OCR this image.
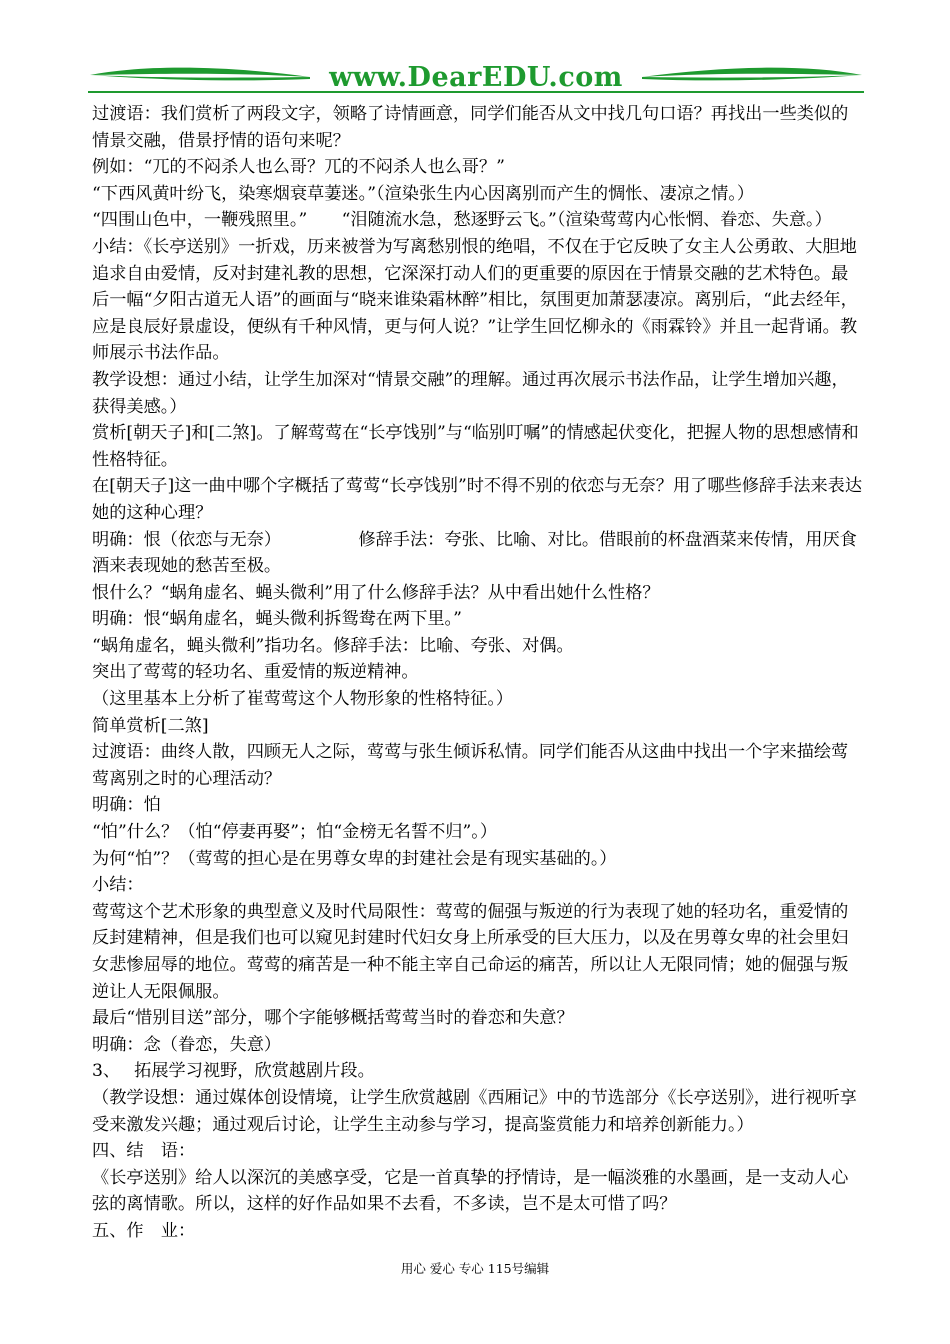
www.DearEDU.com

过渡语：我们赏析了两段文字，领略了诗情画意，同学们能否从文中找几句口语？再找出一些类似的情景交融，借景抒情的语句来呢？

例如：“兀的不闷杀人也么哥？兀的不闷杀人也么哥？”

“下西风黄叶纷飞，染寒烟衰草萋迷。”（渲染张生内心因离别而产生的惆怅、凄凉之情。）

“四围山色中，一鞭残照里。”　　“泪随流水急，愁逐野云飞。”（渲染莺莺内心怅惘、眷恋、失意。）

小结：《长亭送别》一折戏，历来被誉为写离愁别恨的绝唱，不仅在于它反映了女主人公勇敢、大胆地追求自由爱情，反对封建礼教的思想，它深深打动人们的更重要的原因在于情景交融的艺术特色。最后一幅“夕阳古道无人语”的画面与“晓来谁染霜林醉”相比，氛围更加萧瑟凄凉。离别后，“此去经年，应是良辰好景虚设，便纵有千种风情，更与何人说？”让学生回忆柳永的《雨霖铃》并且一起背诵。教师展示书法作品。

教学设想：通过小结，让学生加深对“情景交融”的理解。通过再次展示书法作品，让学生增加兴趣，获得美感。）

赏析[朝天子]和[二煞]。了解莺莺在“长亭饯别”与“临别叮嘱”的情感起伏变化，把握人物的思想感情和性格特征。

在[朝天子]这一曲中哪个字概括了莺莺“长亭饯别”时不得不别的依恋与无奈？用了哪些修辞手法来表达她的这种心理？

明确：恨（依恋与无奈）　　　　　修辞手法：夸张、比喻、对比。借眼前的杯盘酒菜来传情，用厌食酒来表现她的愁苦至极。

恨什么？“蜗角虚名、蝇头微利”用了什么修辞手法？从中看出她什么性格？

明确：恨“蜗角虚名，蝇头微利拆鸳鸯在两下里。”

“蜗角虚名，蝇头微利”指功名。修辞手法：比喻、夸张、对偶。

突出了莺莺的轻功名、重爱情的叛逆精神。

（这里基本上分析了崔莺莺这个人物形象的性格特征。）

简单赏析[二煞]

过渡语：曲终人散，四顾无人之际，莺莺与张生倾诉私情。同学们能否从这曲中找出一个字来描绘莺莺离别之时的心理活动？

明确：怕

“怕”什么？（怕“停妻再娶”；怕“金榜无名誓不归”。）

为何“怕”？（莺莺的担心是在男尊女卑的封建社会是有现实基础的。）

小结：

莺莺这个艺术形象的典型意义及时代局限性：莺莺的倔强与叛逆的行为表现了她的轻功名，重爱情的反封建精神，但是我们也可以窥见封建时代妇女身上所承受的巨大压力，以及在男尊女卑的社会里妇女悲惨屈辱的地位。莺莺的痛苦是一种不能主宰自己命运的痛苦，所以让人无限同情；她的倔强与叛逆让人无限佩服。

最后“惜别目送”部分，哪个字能够概括莺莺当时的眷恋和失意？

明确：念（眷恋，失意）

3、　 拓展学习视野，欣赏越剧片段。

（教学设想：通过媒体创设情境，让学生欣赏越剧《西厢记》中的节选部分《长亭送别》，进行视听享受来激发兴趣；通过观后讨论，让学生主动参与学习，提高鉴赏能力和培养创新能力。）

四、结　语：

《长亭送别》给人以深沉的美感享受，它是一首真挚的抒情诗，是一幅淡雅的水墨画，是一支动人心弦的离情歌。所以，这样的好作品如果不去看，不多读，岂不是太可惜了吗？

五、作　业：

用心 爱心 专心 115号编辑
